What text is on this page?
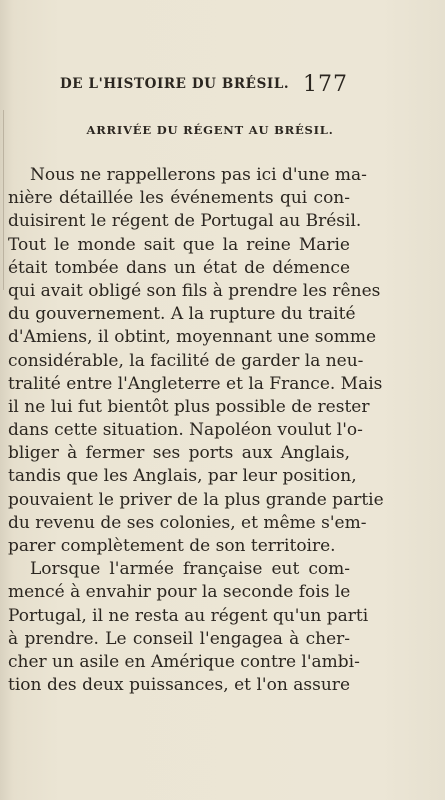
DE L'HISTOIRE DU BRÉSIL. 177
ARRIVÉE DU RÉGENT AU BRÉSIL.
Nous ne rappellerons pas ici d'une ma-
nière détaillée les événements qui con-
duisirent le régent de Portugal au Brésil.
Tout le monde sait que la reine Marie
était tombée dans un état de démence
qui avait obligé son fils à prendre les rênes
du gouvernement. A la rupture du traité
d'Amiens, il obtint, moyennant une somme
considérable, la facilité de garder la neu-
tralité entre l'Angleterre et la France. Mais
il ne lui fut bientôt plus possible de rester
dans cette situation. Napoléon voulut l'o-
bliger à fermer ses ports aux Anglais,
tandis que les Anglais, par leur position,
pouvaient le priver de la plus grande partie
du revenu de ses colonies, et même s'em-
parer complètement de son territoire.
Lorsque l'armée française eut com-
mencé à envahir pour la seconde fois le
Portugal, il ne resta au régent qu'un parti
à prendre. Le conseil l'engagea à cher-
cher un asile en Amérique contre l'ambi-
tion des deux puissances, et l'on assure
